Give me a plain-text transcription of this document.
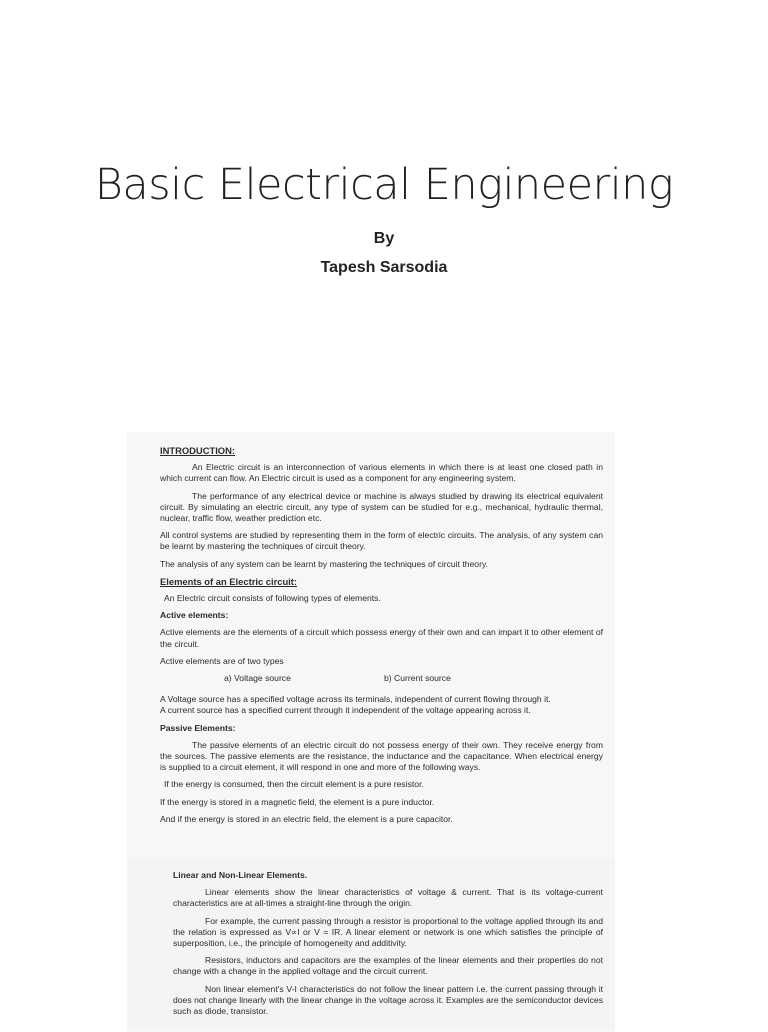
Basic Electrical Engineering
By
Tapesh Sarsodia

INTRODUCTION:

An Electric circuit is an interconnection of various elements in which there is at least one closed path in which current can flow. An Electric circuit is used as a component for any engineering system.

The performance of any electrical device or machine is always studied by drawing its electrical equivalent circuit. By simulating an electric circuit, any type of system can be studied for e.g., mechanical, hydraulic thermal, nuclear, traffic flow, weather prediction etc.

All control systems are studied by representing them in the form of electric circuits. The analysis, of any system can be learnt by mastering the techniques of circuit theory.

The analysis of any system can be learnt by mastering the techniques of circuit theory.

Elements of an Electric circuit:

An Electric circuit consists of following types of elements.

Active elements:

Active elements are the elements of a circuit which possess energy of their own and can impart it to other element of the circuit.

Active elements are of two types

a) Voltage source	b) Current source

A Voltage source has a specified voltage across its terminals, independent of current flowing through it.

A current source has a specified current through it independent of the voltage appearing across it.

Passive Elements:

The passive elements of an electric circuit do not possess energy of their own. They receive energy from the sources. The passive elements are the resistance, the inductance and the capacitance. When electrical energy is supplied to a circuit element, it will respond in one and more of the following ways.

If the energy is consumed, then the circuit element is a pure resistor.

If the energy is stored in a magnetic field, the element is a pure inductor.

And if the energy is stored in an electric field, the element is a pure capacitor.

Linear and Non-Linear Elements.

Linear elements show the linear characteristics of voltage & current. That is its voltage-current characteristics are at all-times a straight-line through the origin.

For example, the current passing through a resistor is proportional to the voltage applied through its and the relation is expressed as V∝I or V = IR. A linear element or network is one which satisfies the principle of superposition, i.e., the principle of homogeneity and additivity.

Resistors, inductors and capacitors are the examples of the linear elements and their properties do not change with a change in the applied voltage and the circuit current.

Non linear element's V-I characteristics do not follow the linear pattern i.e. the current passing through it does not change linearly with the linear change in the voltage across it. Examples are the semiconductor devices such as diode, transistor.
